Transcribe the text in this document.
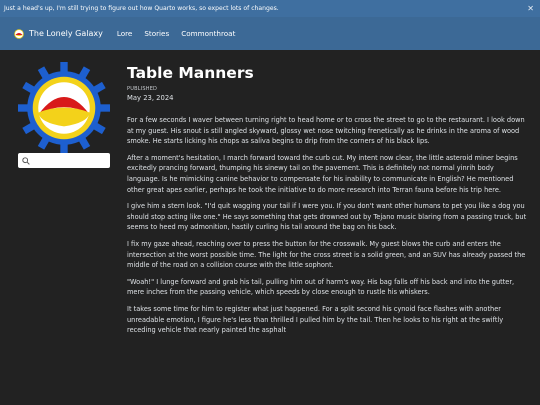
Just a head's up, I'm still trying to figure out how Quarto works, so expect lots of changes.	✕
The Lonely Galaxy Lore Stories Commonthroat
Table Manners
PUBLISHED
May 23, 2024

For a few seconds I waver between turning right to head home or to cross the street to go to the restaurant. I look down at my guest. His snout is still angled skyward, glossy wet nose twitching frenetically as he drinks in the aroma of wood smoke. He starts licking his chops as saliva begins to drip from the corners of his black lips.

After a moment's hesitation, I march forward toward the curb cut. My intent now clear, the little asteroid miner begins excitedly prancing forward, thumping his sinewy tail on the pavement. This is definitely not normal yinrih body language. Is he mimicking canine behavior to compensate for his inability to communicate in English? He mentioned other great apes earlier, perhaps he took the initiative to do more research into Terran fauna before his trip here.

I give him a stern look. "I'd quit wagging your tail if I were you. If you don't want other humans to pet you like a dog you should stop acting like one." He says something that gets drowned out by Tejano music blaring from a passing truck, but seems to heed my admonition, hastily curling his tail around the bag on his back.

I fix my gaze ahead, reaching over to press the button for the crosswalk. My guest blows the curb and enters the intersection at the worst possible time. The light for the cross street is a solid green, and an SUV has already passed the middle of the road on a collision course with the little sophont.

"Woah!" I lunge forward and grab his tail, pulling him out of harm's way. His bag falls off his back and into the gutter, mere inches from the passing vehicle, which speeds by close enough to rustle his whiskers.

It takes some time for him to register what just happened. For a split second his cynoid face flashes with another unreadable emotion, I figure he's less than thrilled I pulled him by the tail. Then he looks to his right at the swiftly receding vehicle that nearly painted the asphalt
